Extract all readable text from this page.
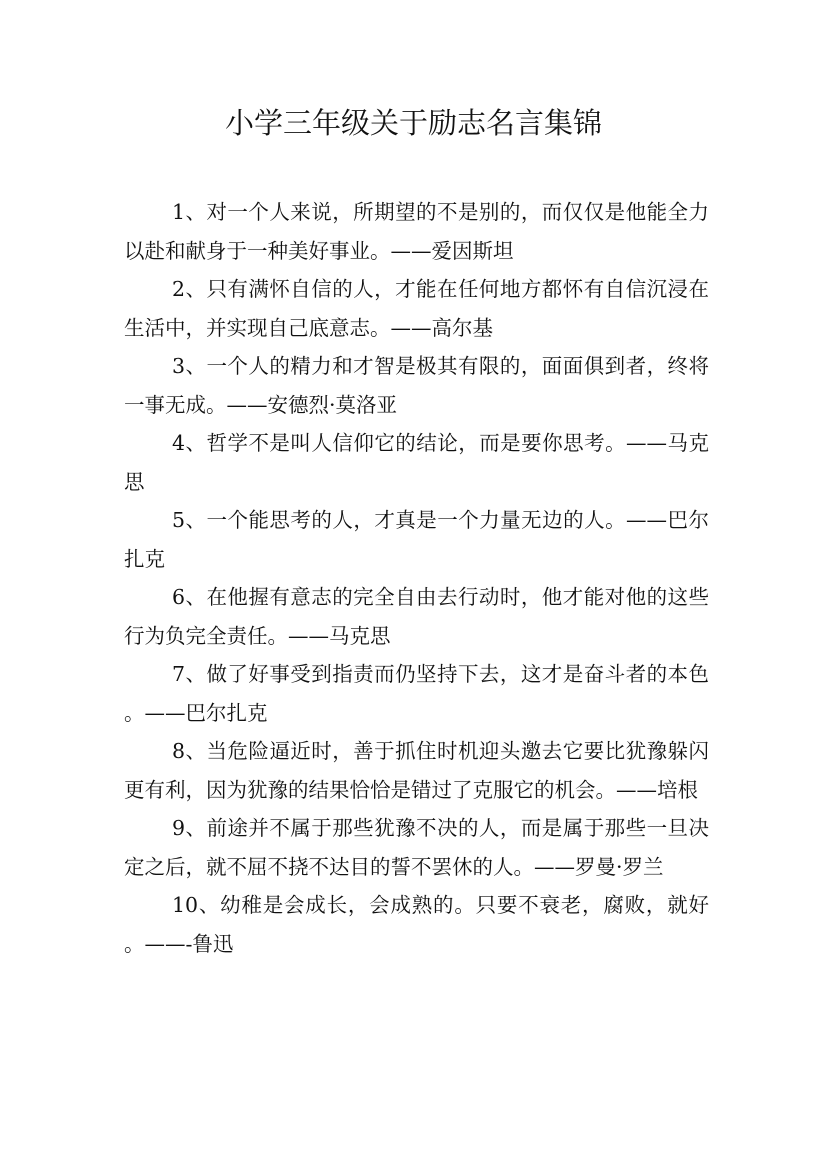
小学三年级关于励志名言集锦

1、对一个人来说，所期望的不是别的，而仅仅是他能全力以赴和献身于一种美好事业。——爱因斯坦

2、只有满怀自信的人，才能在任何地方都怀有自信沉浸在生活中，并实现自己底意志。——高尔基

3、一个人的精力和才智是极其有限的，面面俱到者，终将一事无成。——安德烈·莫洛亚

4、哲学不是叫人信仰它的结论，而是要你思考。——马克思

5、一个能思考的人，才真是一个力量无边的人。——巴尔扎克

6、在他握有意志的完全自由去行动时，他才能对他的这些行为负完全责任。——马克思

7、做了好事受到指责而仍坚持下去，这才是奋斗者的本色。——巴尔扎克

8、当危险逼近时，善于抓住时机迎头邀去它要比犹豫躲闪更有利，因为犹豫的结果恰恰是错过了克服它的机会。——培根

9、前途并不属于那些犹豫不决的人，而是属于那些一旦决定之后，就不屈不挠不达目的誓不罢休的人。——罗曼·罗兰

10、幼稚是会成长，会成熟的。只要不衰老，腐败，就好。——-鲁迅
